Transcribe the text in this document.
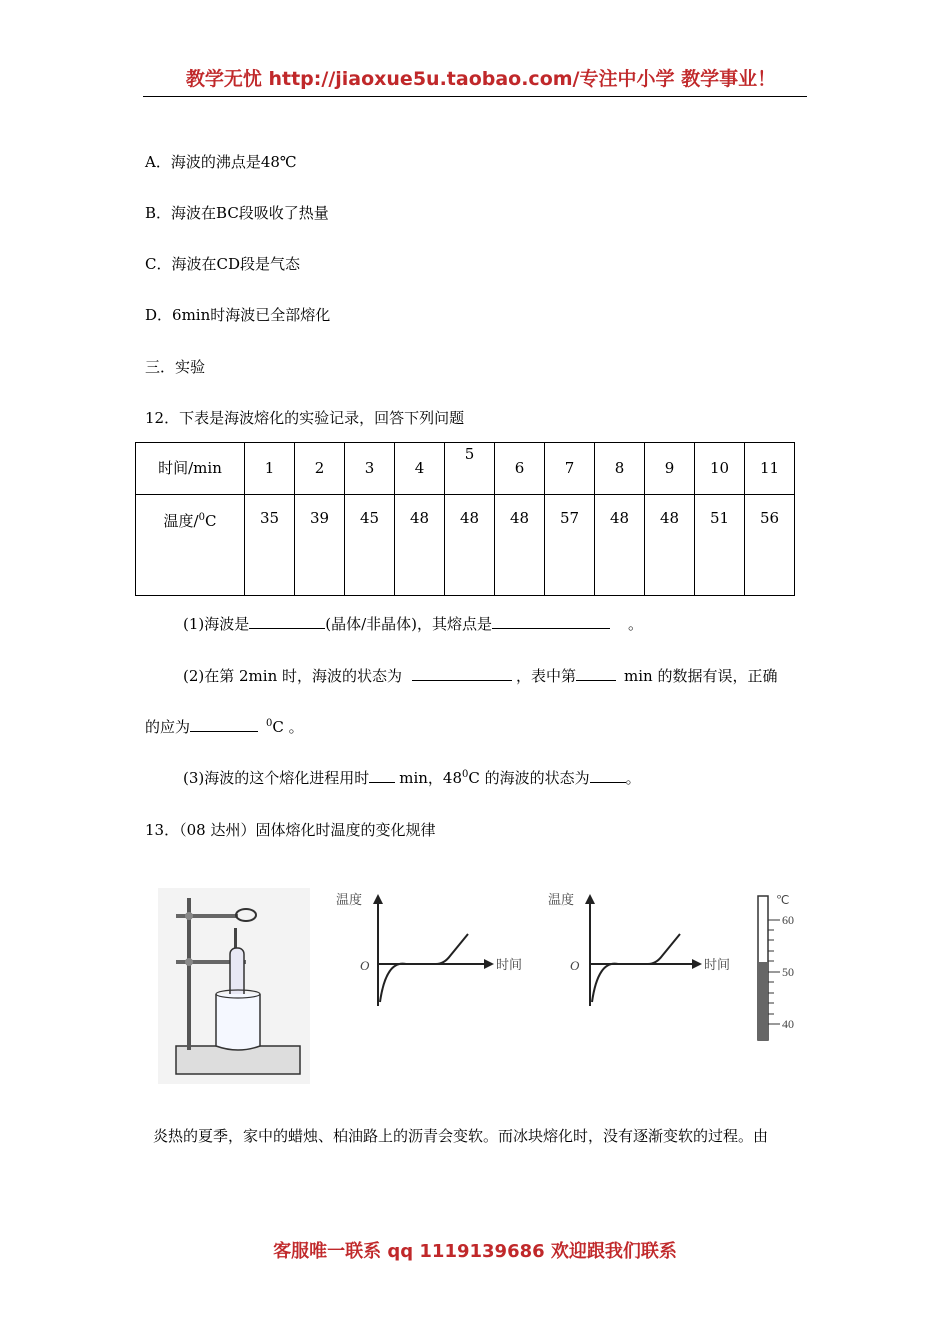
教学无忧 http://jiaoxue5u.taobao.com/专注中小学 教学事业！
A．海波的沸点是48℃
B．海波在BC段吸收了热量
C．海波在CD段是气态
D．6min时海波已全部熔化
三．实验
12．下表是海波熔化的实验记录，回答下列问题
时间/min	1	2	3	4	5	6	7	8	9	10	11
温度/$^0$C	35	39	45	48	48	48	57	48	48	51	56
(1)海波是	(晶体/非晶体)，其熔点是	。
(2)在第 2min 时，海波的状态为	，表中第	min 的数据有误，正确
的应为	$^0$C 。
(3)海波的这个熔化进程用时 min，$48^0C$ 的海波的状态为 。
13．（08 达州）固体熔化时温度的变化规律
温度
时间
O
温度
时间
O
℃
60
50
40
炎热的夏季，家中的蜡烛、柏油路上的沥青会变软。而冰块熔化时，没有逐渐变软的过程。由
客服唯一联系 qq 1119139686 欢迎跟我们联系
